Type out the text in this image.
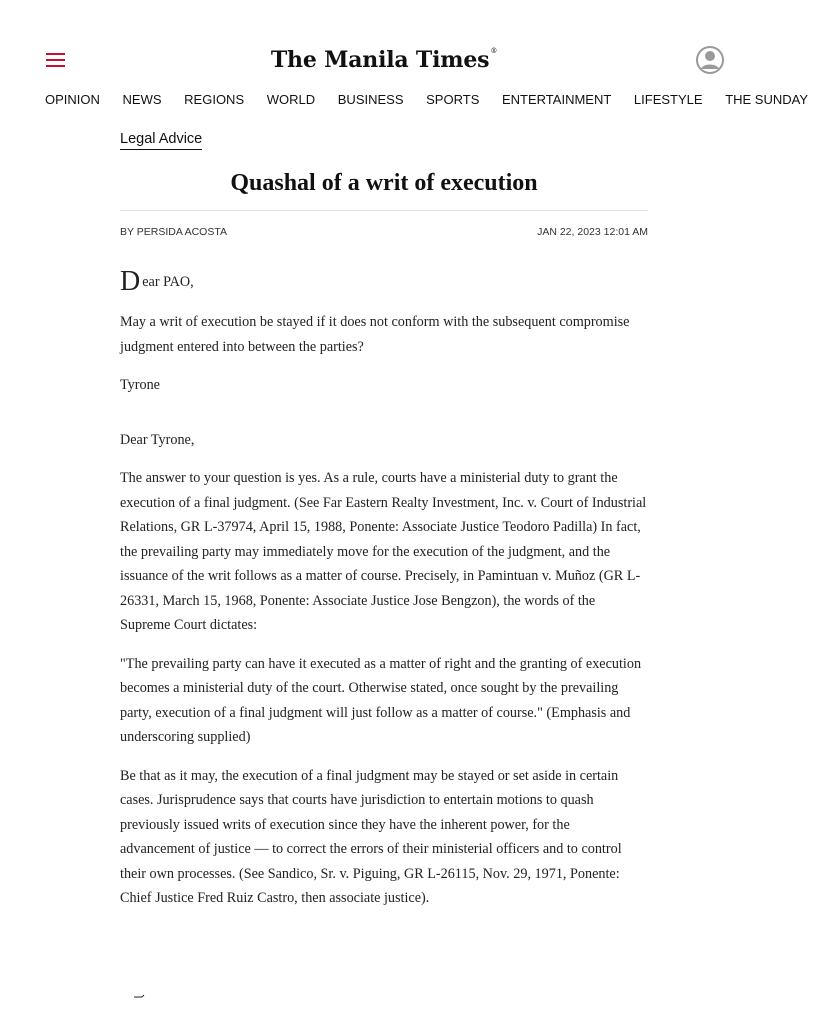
The Manila Times®
OPINION NEWS REGIONS WORLD BUSINESS SPORTS ENTERTAINMENT LIFESTYLE THE SUNDAY
Legal Advice
Quashal of a writ of execution
BY PERSIDA ACOSTA	JAN 22, 2023 12:01 AM

Dear PAO,

May a writ of execution be stayed if it does not conform with the subsequent compromise judgment entered into between the parties?

Tyrone

Dear Tyrone,

The answer to your question is yes. As a rule, courts have a ministerial duty to grant the execution of a final judgment. (See Far Eastern Realty Investment, Inc. v. Court of Industrial Relations, GR L-37974, April 15, 1988, Ponente: Associate Justice Teodoro Padilla) In fact, the prevailing party may immediately move for the execution of the judgment, and the issuance of the writ follows as a matter of course. Precisely, in Pamintuan v. Muñoz (GR L-26331, March 15, 1968, Ponente: Associate Justice Jose Bengzon), the words of the Supreme Court dictates:

"The prevailing party can have it executed as a matter of right and the granting of execution becomes a ministerial duty of the court. Otherwise stated, once sought by the prevailing party, execution of a final judgment will just follow as a matter of course." (Emphasis and underscoring supplied)

Be that as it may, the execution of a final judgment may be stayed or set aside in certain cases. Jurisprudence says that courts have jurisdiction to entertain motions to quash previously issued writs of execution since they have the inherent power, for the advancement of justice — to correct the errors of their ministerial officers and to control their own processes. (See Sandico, Sr. v. Piguing, GR L-26115, Nov. 29, 1971, Ponente: Chief Justice Fred Ruiz Castro, then associate justice).
